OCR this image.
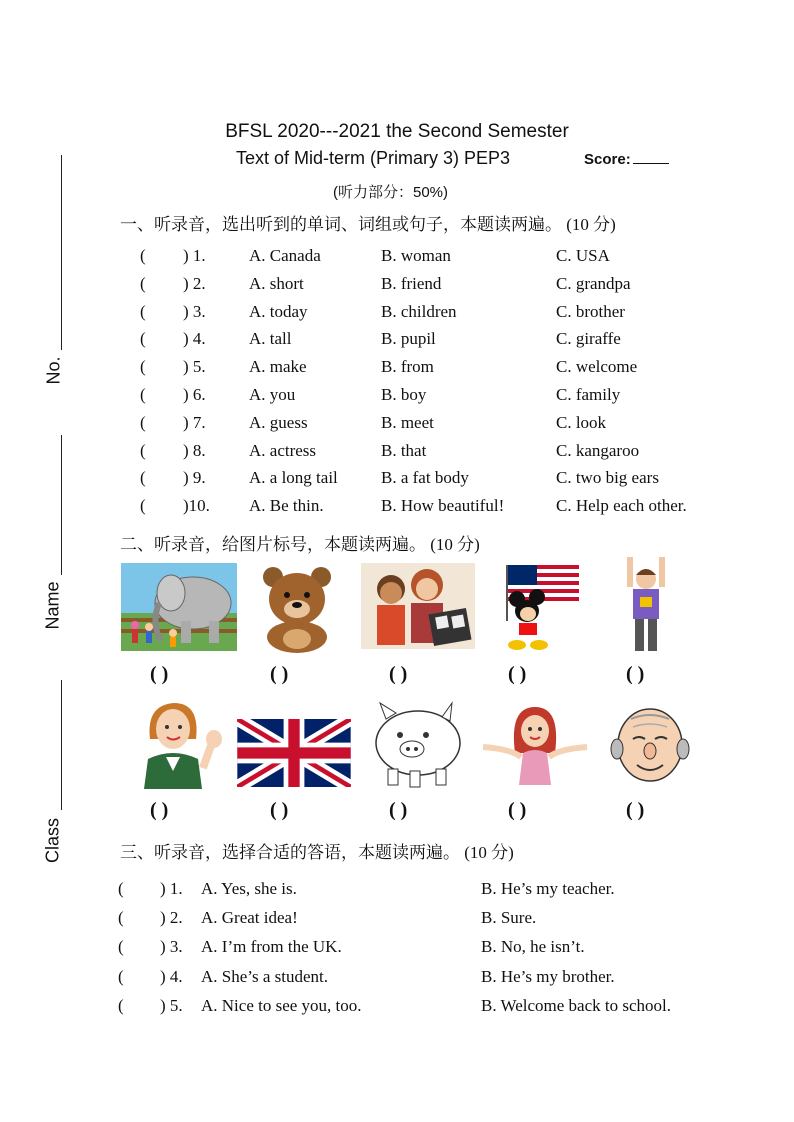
No.
Name
Class
BFSL 2020---2021 the Second Semester
Text of Mid-term (Primary 3) PEP3	Score:
(听力部分：50%)
一、听录音，选出听到的单词、词组或句子，本题读两遍。 (10 分)
( ) 1.	A. Canada	B. woman	C. USA
( ) 2.	A. short	B. friend	C. grandpa
( ) 3.	A. today	B. children	C. brother
( ) 4.	A. tall	B. pupil	C. giraffe
( ) 5.	A. make	B. from	C. welcome
( ) 6.	A. you	B. boy	C. family
( ) 7.	A. guess	B. meet	C. look
( ) 8.	A. actress	B. that	C. kangaroo
( ) 9.	A. a long tail	B. a fat body	C. two big ears
( )10. A. Be thin.	B. How beautiful!	C. Help each other.
二、听录音，给图片标号，本题读两遍。 (10 分)
( )	( )	( )	( )	( )
( )	( )	( )	( )	( )
三、听录音，选择合适的答语，本题读两遍。 (10 分)
( ) 1. A. Yes, she is.	B. He’s my teacher.
( ) 2. A. Great idea!	B. Sure.
( ) 3. A. I’m from the UK.	B. No, he isn’t.
( ) 4. A. She’s a student.	B. He’s my brother.
( ) 5. A. Nice to see you, too.	B. Welcome back to school.
